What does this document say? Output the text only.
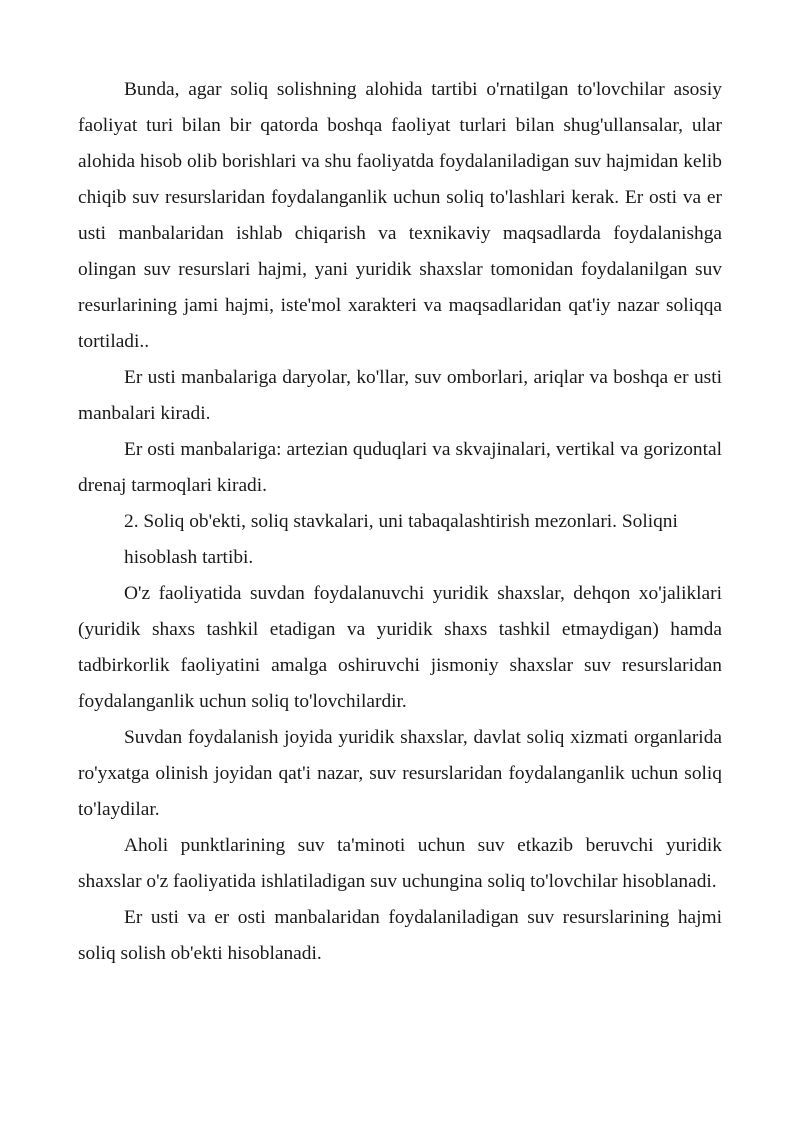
Bunda, agar soliq solishning alohida tartibi o'rnatilgan to'lovchilar asosiy faoliyat turi bilan bir qatorda boshqa faoliyat turlari bilan shug'ullansalar, ular alohida hisob olib borishlari va shu faoliyatda foydalaniladigan suv hajmidan kelib chiqib suv resurslaridan foydalanganlik uchun soliq to'lashlari kerak. Er osti va er usti manbalaridan ishlab chiqarish va texnikaviy maqsadlarda foydalanishga olingan suv resurslari hajmi, yani yuridik shaxslar tomonidan foydalanilgan suv resurlarining jami hajmi, iste'mol xarakteri va maqsadlaridan qat'iy nazar soliqqa tortiladi..

Er usti manbalariga daryolar, ko'llar, suv omborlari, ariqlar va boshqa er usti manbalari kiradi.

Er osti manbalariga: artezian quduqlari va skvajinalari, vertikal va gorizontal drenaj tarmoqlari kiradi.

2. Soliq ob'ekti, soliq stavkalari, uni tabaqalashtirish mezonlari. Soliqni hisoblash tartibi.

O'z faoliyatida suvdan foydalanuvchi yuridik shaxslar, dehqon xo'jaliklari (yuridik shaxs tashkil etadigan va yuridik shaxs tashkil etmaydigan) hamda tadbirkorlik faoliyatini amalga oshiruvchi jismoniy shaxslar suv resurslaridan foydalanganlik uchun soliq to'lovchilardir.

Suvdan foydalanish joyida yuridik shaxslar, davlat soliq xizmati organlarida ro'yxatga olinish joyidan qat'i nazar, suv resurslaridan foydalanganlik uchun soliq to'laydilar.

Aholi punktlarining suv ta'minoti uchun suv etkazib beruvchi yuridik shaxslar o'z faoliyatida ishlatiladigan suv uchungina soliq to'lovchilar hisoblanadi.

Er usti va er osti manbalaridan foydalaniladigan suv resurslarining hajmi soliq solish ob'ekti hisoblanadi.
